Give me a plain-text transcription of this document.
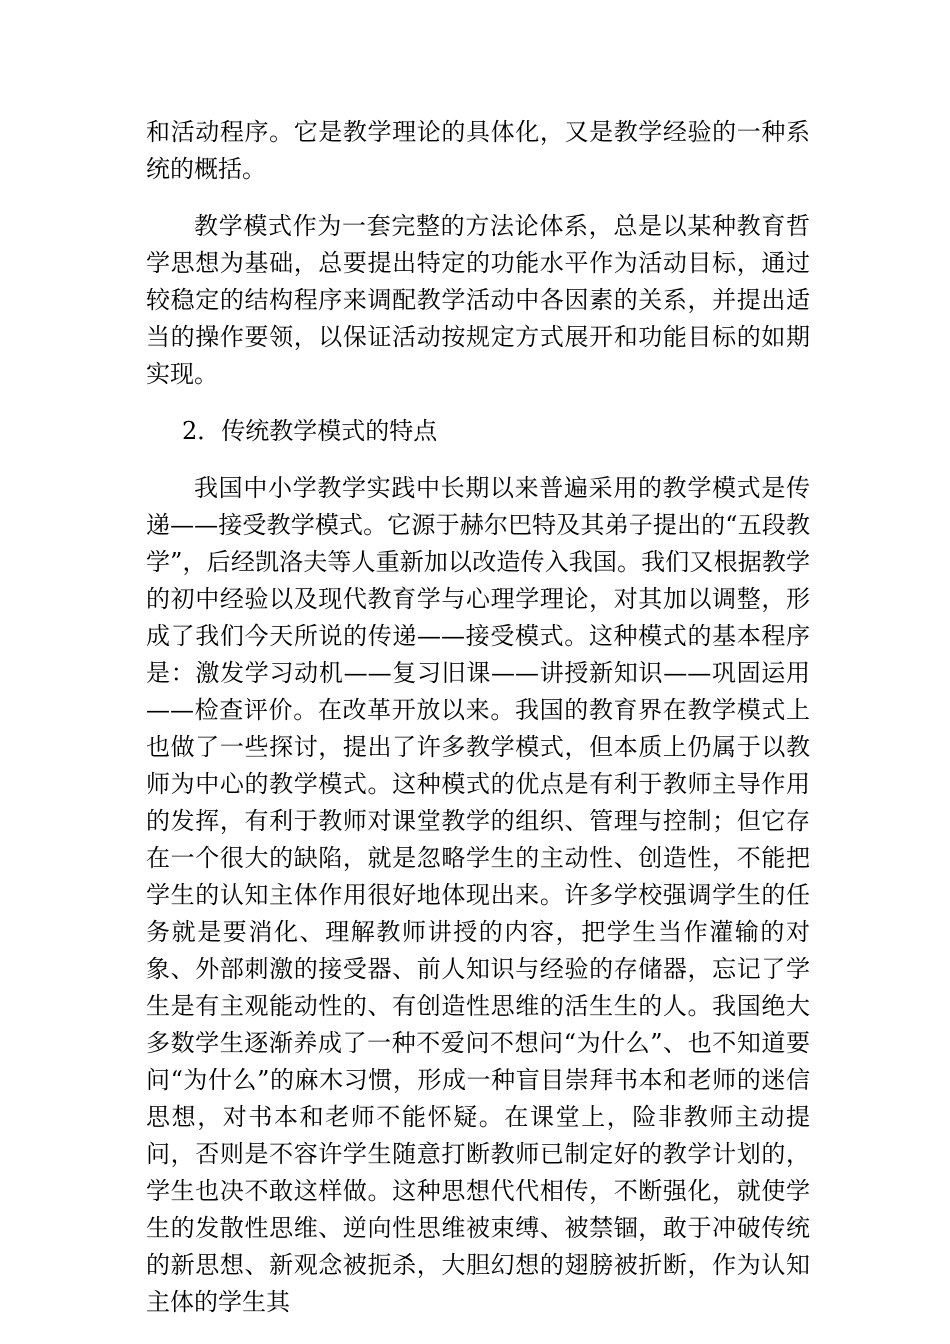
和活动程序。它是教学理论的具体化，又是教学经验的一种系统的概括。

教学模式作为一套完整的方法论体系，总是以某种教育哲学思想为基础，总要提出特定的功能水平作为活动目标，通过较稳定的结构程序来调配教学活动中各因素的关系，并提出适当的操作要领，以保证活动按规定方式展开和功能目标的如期实现。

2．传统教学模式的特点

我国中小学教学实践中长期以来普遍采用的教学模式是传递——接受教学模式。它源于赫尔巴特及其弟子提出的“五段教学”，后经凯洛夫等人重新加以改造传入我国。我们又根据教学的初中经验以及现代教育学与心理学理论，对其加以调整，形成了我们今天所说的传递——接受模式。这种模式的基本程序是：激发学习动机——复习旧课——讲授新知识——巩固运用——检查评价。在改革开放以来。我国的教育界在教学模式上也做了一些探讨，提出了许多教学模式，但本质上仍属于以教师为中心的教学模式。这种模式的优点是有利于教师主导作用的发挥，有利于教师对课堂教学的组织、管理与控制；但它存在一个很大的缺陷，就是忽略学生的主动性、创造性，不能把学生的认知主体作用很好地体现出来。许多学校强调学生的任务就是要消化、理解教师讲授的内容，把学生当作灌输的对象、外部刺激的接受器、前人知识与经验的存储器，忘记了学生是有主观能动性的、有创造性思维的活生生的人。我国绝大多数学生逐渐养成了一种不爱问不想问“为什么”、也不知道要问“为什么”的麻木习惯，形成一种盲目崇拜书本和老师的迷信思想，对书本和老师不能怀疑。在课堂上，险非教师主动提问，否则是不容许学生随意打断教师已制定好的教学计划的，学生也决不敢这样做。这种思想代代相传，不断强化，就使学生的发散性思维、逆向性思维被束缚、被禁锢，敢于冲破传统的新思想、新观念被扼杀，大胆幻想的翅膀被折断，作为认知主体的学生其
